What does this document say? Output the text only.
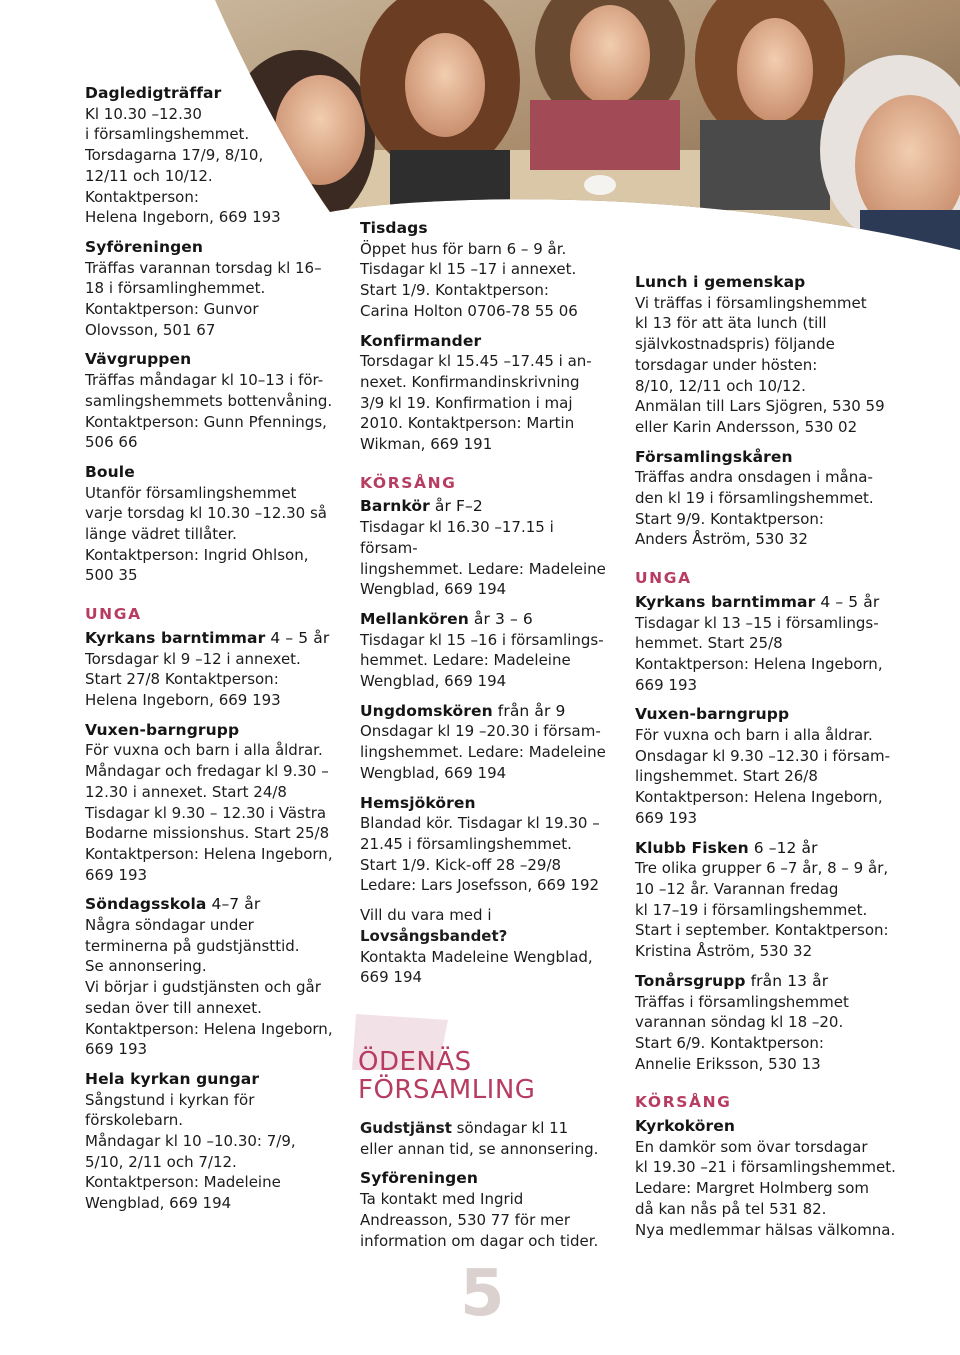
Dagledigträffar

Kl 10.30 –12.30

i församlingshemmet.

Torsdagarna 17/9, 8/10,

12/11 och 10/12.

Kontaktperson:

Helena Ingeborn, 669 193

Syföreningen

Träffas varannan torsdag kl 16–

18 i församlinghemmet.

Kontaktperson: Gunvor

Olovsson, 501 67

Vävgruppen

Träffas måndagar kl 10–13 i för-

samlingshemmets bottenvåning.

Kontaktperson: Gunn Pfennings,

506 66

Boule

Utanför församlingshemmet

varje torsdag kl 10.30 –12.30 så

länge vädret tillåter.

Kontaktperson: Ingrid Ohlson,

500 35

UNGA

Kyrkans barntimmar 4 – 5 år

Torsdagar kl 9 –12 i annexet.

Start 27/8 Kontaktperson:

Helena Ingeborn, 669 193

Vuxen-barngrupp

För vuxna och barn i alla åldrar.

Måndagar och fredagar kl 9.30 –

12.30 i annexet. Start 24/8

Tisdagar kl 9.30 – 12.30 i Västra

Bodarne missionshus. Start 25/8

Kontaktperson: Helena Ingeborn,

669 193

Söndagsskola 4–7 år

Några söndagar under

terminerna på gudstjänsttid.

Se annonsering.

Vi börjar i gudstjänsten och går

sedan över till annexet.

Kontaktperson: Helena Ingeborn,

669 193

Hela kyrkan gungar

Sångstund i kyrkan för

förskolebarn.

Måndagar kl 10 –10.30: 7/9,

5/10, 2/11 och 7/12.

Kontaktperson: Madeleine

Wengblad, 669 194

Tisdags

Öppet hus för barn 6 – 9 år.

Tisdagar kl 15 –17 i annexet.

Start 1/9. Kontaktperson:

Carina Holton 0706-78 55 06

Konfirmander

Torsdagar kl 15.45 –17.45 i an-

nexet. Konfirmandinskrivning

3/9 kl 19. Konfirmation i maj

2010. Kontaktperson: Martin

Wikman, 669 191

KÖRSÅNG

Barnkör år F–2

Tisdagar kl 16.30 –17.15 i försam-

lingshemmet. Ledare: Madeleine

Wengblad, 669 194

Mellankören år 3 – 6

Tisdagar kl 15 –16 i församlings-

hemmet. Ledare: Madeleine

Wengblad, 669 194

Ungdomskören från år 9

Onsdagar kl 19 –20.30 i försam-

lingshemmet. Ledare: Madeleine

Wengblad, 669 194

Hemsjökören

Blandad kör. Tisdagar kl 19.30 –

21.45 i församlingshemmet.

Start 1/9. Kick-off 28 –29/8

Ledare: Lars Josefsson, 669 192

Vill du vara med i

Lovsångsbandet?

Kontakta Madeleine Wengblad,

669 194

ÖDENÄS
FÖRSAMLING

Gudstjänst söndagar kl 11

eller annan tid, se annonsering.

Syföreningen

Ta kontakt med Ingrid

Andreasson, 530 77 för mer

information om dagar och tider.

5

Lunch i gemenskap

Vi träffas i församlingshemmet

kl 13 för att äta lunch (till

självkostnadspris) följande

torsdagar under hösten:

8/10, 12/11 och 10/12.

Anmälan till Lars Sjögren, 530 59

eller Karin Andersson, 530 02

Församlingskåren

Träffas andra onsdagen i måna-

den kl 19 i församlingshemmet.

Start 9/9. Kontaktperson:

Anders Åström, 530 32

UNGA

Kyrkans barntimmar 4 – 5 år

Tisdagar kl 13 –15 i församlings-

hemmet. Start 25/8

Kontaktperson: Helena Ingeborn,

669 193

Vuxen-barngrupp

För vuxna och barn i alla åldrar.

Onsdagar kl 9.30 –12.30 i försam-

lingshemmet. Start 26/8

Kontaktperson: Helena Ingeborn,

669 193

Klubb Fisken 6 –12 år

Tre olika grupper 6 –7 år, 8 – 9 år,

10 –12 år. Varannan fredag

kl 17–19 i församlingshemmet.

Start i september. Kontaktperson:

Kristina Åström, 530 32

Tonårsgrupp från 13 år

Träffas i församlingshemmet

varannan söndag kl 18 –20.

Start 6/9. Kontaktperson:

Annelie Eriksson, 530 13

KÖRSÅNG

Kyrkokören

En damkör som övar torsdagar

kl 19.30 –21 i församlingshemmet.

Ledare: Margret Holmberg som

då kan nås på tel 531 82.

Nya medlemmar hälsas välkomna.
